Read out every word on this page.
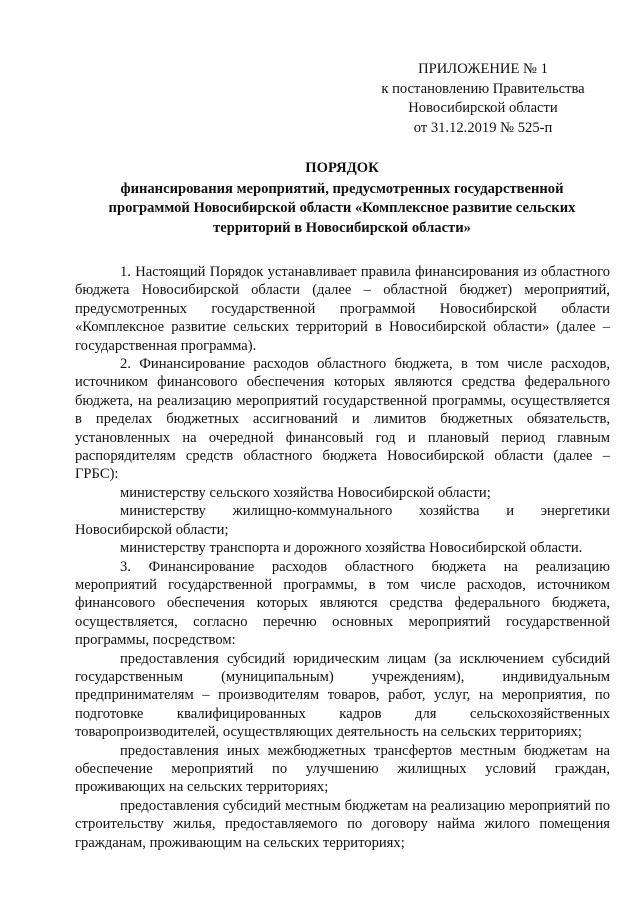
ПРИЛОЖЕНИЕ № 1
к постановлению Правительства
Новосибирской области
от 31.12.2019 № 525-п
ПОРЯДОК
финансирования мероприятий, предусмотренных государственной
программой Новосибирской области «Комплексное развитие сельских
территорий в Новосибирской области»

1. Настоящий Порядок устанавливает правила финансирования из областного бюджета Новосибирской области (далее – областной бюджет) мероприятий, предусмотренных государственной программой Новосибирской области «Комплексное развитие сельских территорий в Новосибирской области» (далее – государственная программа).

2. Финансирование расходов областного бюджета, в том числе расходов, источником финансового обеспечения которых являются средства федерального бюджета, на реализацию мероприятий государственной программы, осуществляется в пределах бюджетных ассигнований и лимитов бюджетных обязательств, установленных на очередной финансовый год и плановый период главным распорядителям средств областного бюджета Новосибирской области (далее – ГРБС):

министерству сельского хозяйства Новосибирской области;

министерству жилищно-коммунального хозяйства и энергетики Новосибирской области;

министерству транспорта и дорожного хозяйства Новосибирской области.

3. Финансирование расходов областного бюджета на реализацию мероприятий государственной программы, в том числе расходов, источником финансового обеспечения которых являются средства федерального бюджета, осуществляется, согласно перечню основных мероприятий государственной программы, посредством:

предоставления субсидий юридическим лицам (за исключением субсидий государственным (муниципальным) учреждениям), индивидуальным предпринимателям – производителям товаров, работ, услуг, на мероприятия, по подготовке квалифицированных кадров для сельскохозяйственных товаропроизводителей, осуществляющих деятельность на сельских территориях;

предоставления иных межбюджетных трансфертов местным бюджетам на обеспечение мероприятий по улучшению жилищных условий граждан, проживающих на сельских территориях;

предоставления субсидий местным бюджетам на реализацию мероприятий по строительству жилья, предоставляемого по договору найма жилого помещения гражданам, проживающим на сельских территориях;
